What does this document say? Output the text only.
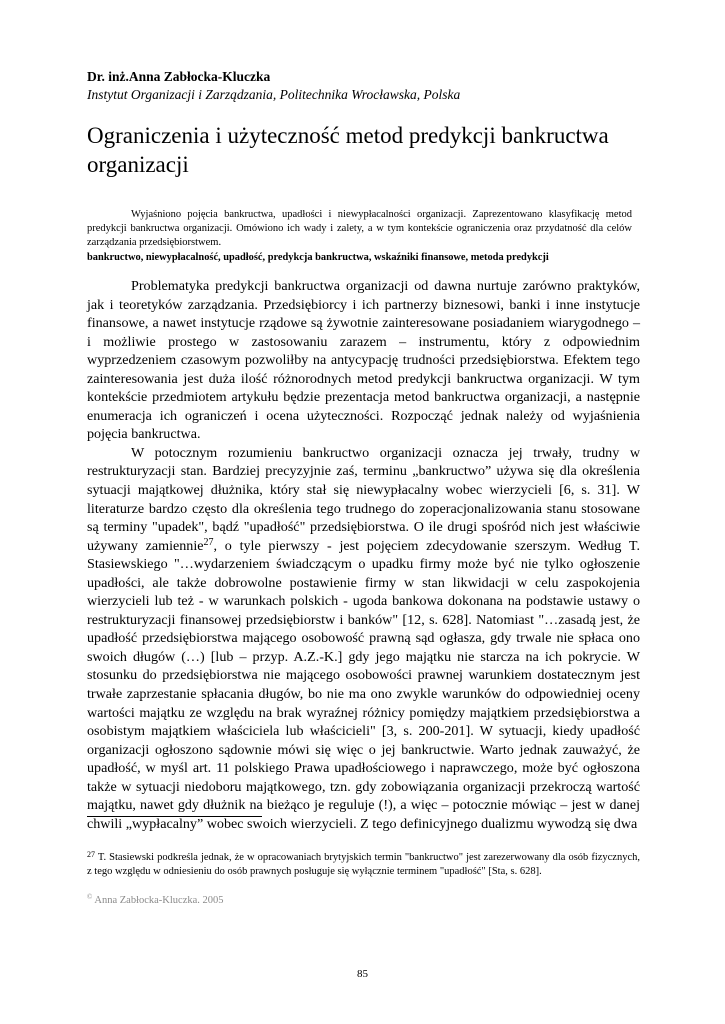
Dr. inż.Anna Zabłocka-Kluczka
Instytut Organizacji i Zarządzania, Politechnika Wrocławska, Polska
Ograniczenia i użyteczność metod predykcji bankructwa organizacji
Wyjaśniono pojęcia bankructwa, upadłości i niewypłacalności organizacji. Zaprezentowano klasyfikację metod predykcji bankructwa organizacji. Omówiono ich wady i zalety, a w tym kontekście ograniczenia oraz przydatność dla celów zarządzania przedsiębiorstwem.
bankructwo, niewypłacalność, upadłość, predykcja bankructwa, wskaźniki finansowe, metoda predykcji

Problematyka predykcji bankructwa organizacji od dawna nurtuje zarówno praktyków, jak i teoretyków zarządzania. Przedsiębiorcy i ich partnerzy biznesowi, banki i inne instytucje finansowe, a nawet instytucje rządowe są żywotnie zainteresowane posiadaniem wiarygodnego – i możliwie prostego w zastosowaniu zarazem – instrumentu, który z odpowiednim wyprzedzeniem czasowym pozwoliłby na antycypację trudności przedsiębiorstwa. Efektem tego zainteresowania jest duża ilość różnorodnych metod predykcji bankructwa organizacji. W tym kontekście przedmiotem artykułu będzie prezentacja metod bankructwa organizacji, a następnie enumeracja ich ograniczeń i ocena użyteczności. Rozpocząć jednak należy od wyjaśnienia pojęcia bankructwa.

W potocznym rozumieniu bankructwo organizacji oznacza jej trwały, trudny w restrukturyzacji stan. Bardziej precyzyjnie zaś, terminu „bankructwo” używa się dla określenia sytuacji majątkowej dłużnika, który stał się niewypłacalny wobec wierzycieli [6, s. 31]. W literaturze bardzo często dla określenia tego trudnego do zoperacjonalizowania stanu stosowane są terminy "upadek", bądź "upadłość" przedsiębiorstwa. O ile drugi spośród nich jest właściwie używany zamiennie$^{27}$, o tyle pierwszy - jest pojęciem zdecydowanie szerszym. Według T. Stasiewskiego "…wydarzeniem świadczącym o upadku firmy może być nie tylko ogłoszenie upadłości, ale także dobrowolne postawienie firmy w stan likwidacji w celu zaspokojenia wierzycieli lub też - w warunkach polskich - ugoda bankowa dokonana na podstawie ustawy o restrukturyzacji finansowej przedsiębiorstw i banków" [12, s. 628]. Natomiast "…zasadą jest, że upadłość przedsiębiorstwa mającego osobowość prawną sąd ogłasza, gdy trwale nie spłaca ono swoich długów (…) [lub – przyp. A.Z.-K.] gdy jego majątku nie starcza na ich pokrycie. W stosunku do przedsiębiorstwa nie mającego osobowości prawnej warunkiem dostatecznym jest trwałe zaprzestanie spłacania długów, bo nie ma ono zwykle warunków do odpowiedniej oceny wartości majątku ze względu na brak wyraźnej różnicy pomiędzy majątkiem przedsiębiorstwa a osobistym majątkiem właściciela lub właścicieli" [3, s. 200-201]. W sytuacji, kiedy upadłość organizacji ogłoszono sądownie mówi się więc o jej bankructwie. Warto jednak zauważyć, że upadłość, w myśl art. 11 polskiego Prawa upadłościowego i naprawczego, może być ogłoszona także w sytuacji niedoboru majątkowego, tzn. gdy zobowiązania organizacji przekroczą wartość majątku, nawet gdy dłużnik na bieżąco je reguluje (!), a więc – potocznie mówiąc – jest w danej chwili „wypłacalny” wobec swoich wierzycieli. Z tego definicyjnego dualizmu wywodzą się dwa

$^{27}$ T. Stasiewski podkreśla jednak, że w opracowaniach brytyjskich termin "bankructwo" jest zarezerwowany dla osób fizycznych, z tego względu w odniesieniu do osób prawnych posługuje się wyłącznie terminem "upadłość" [Sta, s. 628].
© Anna Zabłocka-Kluczka. 2005
85
